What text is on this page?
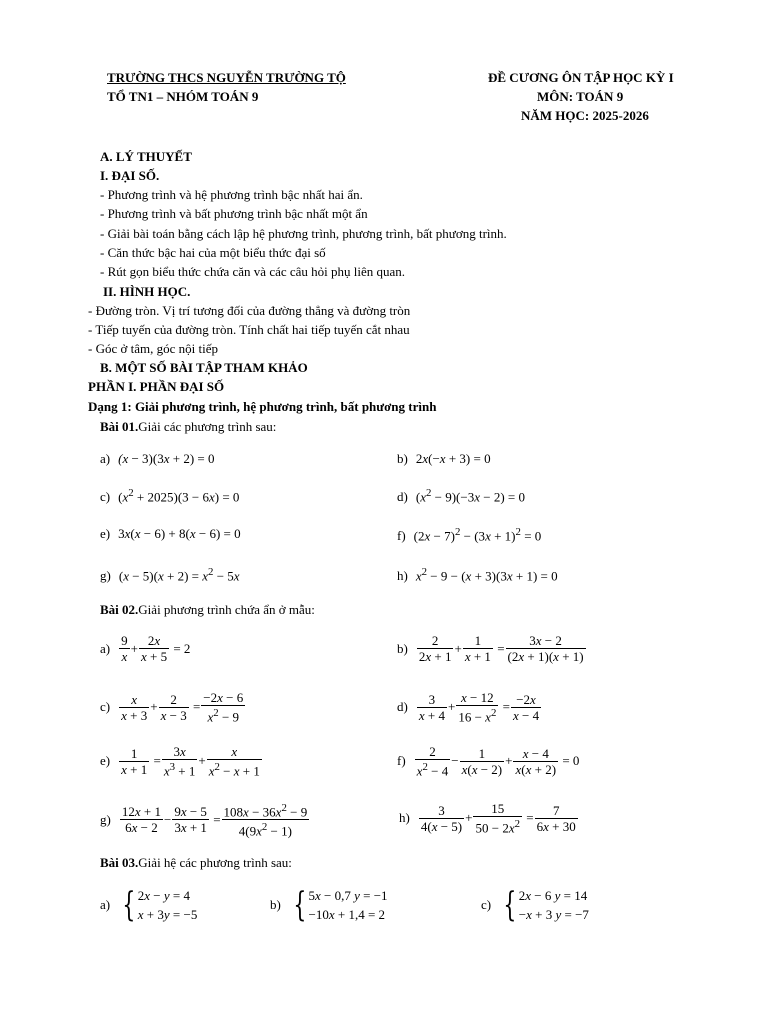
TRƯỜNG THCS NGUYỄN TRƯỜNG TỘ
TỔ TN1 – NHÓM TOÁN 9
ĐỀ CƯƠNG ÔN TẬP HỌC KỲ I
MÔN: TOÁN 9
NĂM HỌC: 2025-2026
A. LÝ THUYẾT
I. ĐẠI SỐ.
- Phương trình và hệ phương trình bậc nhất hai ẩn.
- Phương trình và bất phương trình bậc nhất một ẩn
- Giải bài toán bằng cách lập hệ phương trình, phương trình, bất phương trình.
- Căn thức bậc hai của một biểu thức đại số
- Rút gọn biểu thức chứa căn và các câu hỏi phụ liên quan.
II. HÌNH HỌC.
- Đường tròn. Vị trí tương đối của đường thẳng và đường tròn
- Tiếp tuyến của đường tròn. Tính chất hai tiếp tuyến cắt nhau
- Góc ở tâm, góc nội tiếp
B. MỘT SỐ BÀI TẬP THAM KHẢO
PHẦN I. PHẦN ĐẠI SỐ
Dạng 1: Giải phương trình, hệ phương trình, bất phương trình
Bài 01.Giải các phương trình sau:
a) (x − 3)(3x + 2) = 0	b) 2x(−x + 3) = 0
c) $(x^2 + 2025)(3 - 6x) = 0$	d) $(x^2 - 9)(-3x - 2) = 0$
e) 3x(x − 6) + 8(x − 6) = 0	f) $(2x - 7)^2 - (3x + 1)^2 = 0$
g) $(x - 5)(x + 2) = x^2 - 5x$	h) $x^2 - 9 - (x + 3)(3x + 1) = 0$
Bài 02.Giải phương trình chứa ẩn ở mẫu:
$a) \frac{9}{x} + \frac{2x}{x + 5} = 2$	$b) \frac{2}{2x + 1} + \frac{1}{x + 1} = \frac{3x - 2}{(2x + 1)(x + 1)}$
$c) \frac{x}{x + 3} + \frac{2}{x - 3} = \frac{-2x - 6}{x^2 - 9}$	$d) \frac{3}{x + 4} + \frac{x - 12}{16 - x^2} = \frac{-2x}{x - 4}$
$e) \frac{1}{x + 1} = \frac{3x}{x^3 + 1} + \frac{x}{x^2 - x + 1}$	$f) \frac{2}{x^2 - 4} - \frac{1}{x(x - 2)} + \frac{x - 4}{x(x + 2)} = 0$
$g) \frac{12x + 1}{6x - 2} - \frac{9x - 5}{3x + 1} = \frac{108x - 36x^2 - 9}{4(9x^2 - 1)}$	$h) \frac{3}{4(x - 5)} + \frac{15}{50 - 2x^2} = \frac{7}{6x + 30}$
Bài 03.Giải hệ các phương trình sau:
a) { 2x − y = 4
x + 3y = −5
b) { 5x − 0,7 y = −1
−10x + 1,4 = 2
c) { 2x − 6 y = 14
−x + 3 y = −7
